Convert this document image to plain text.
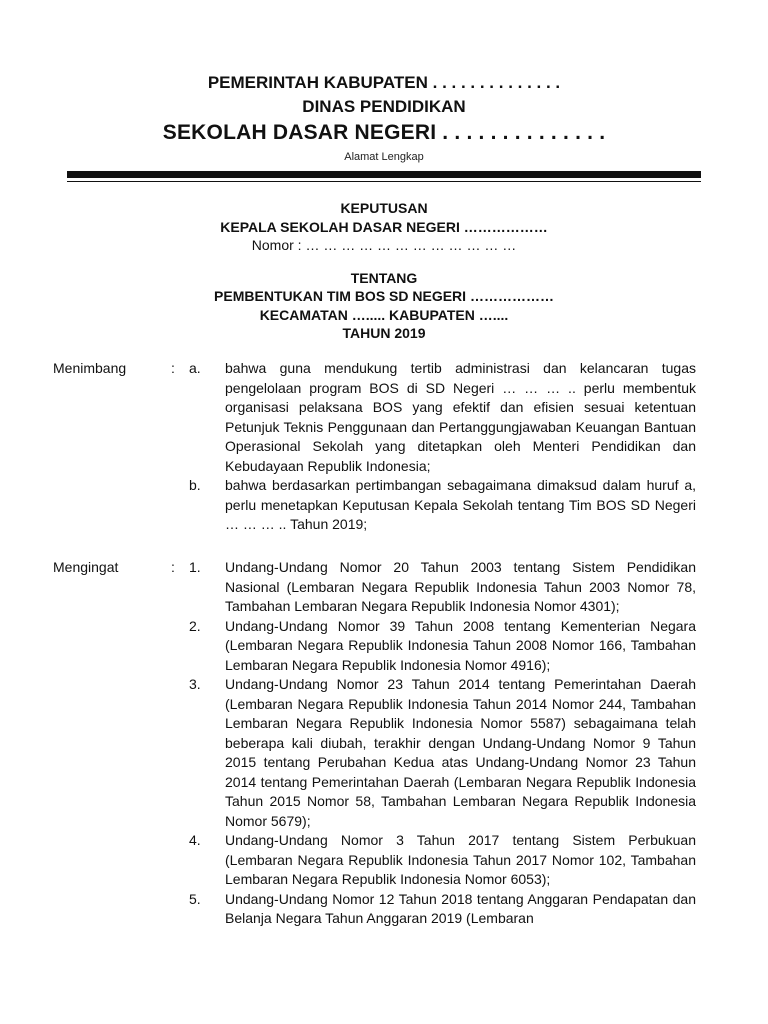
PEMERINTAH KABUPATEN . . . . . . . . . . . . . .
DINAS PENDIDIKAN
SEKOLAH DASAR NEGERI . . . . . . . . . . . . . .
Alamat Lengkap
KEPUTUSAN
KEPALA SEKOLAH DASAR NEGERI ………………
Nomor : … … … … … … … … … … … …
TENTANG
PEMBENTUKAN TIM BOS SD NEGERI ………………
KECAMATAN …..... KABUPATEN …....
TAHUN 2019
Menimbang	: a. bahwa guna mendukung tertib administrasi dan kelancaran tugas pengelolaan program BOS di SD Negeri … … … .. perlu membentuk organisasi pelaksana BOS yang efektif dan efisien sesuai ketentuan Petunjuk Teknis Penggunaan dan Pertanggungjawaban Keuangan Bantuan Operasional Sekolah yang ditetapkan oleh Menteri Pendidikan dan Kebudayaan Republik Indonesia;
b. bahwa berdasarkan pertimbangan sebagaimana dimaksud dalam huruf a, perlu menetapkan Keputusan Kepala Sekolah tentang Tim BOS SD Negeri … … … .. Tahun 2019;
Mengingat	: 1. Undang-Undang Nomor 20 Tahun 2003 tentang Sistem Pendidikan Nasional (Lembaran Negara Republik Indonesia Tahun 2003 Nomor 78, Tambahan Lembaran Negara Republik Indonesia Nomor 4301);
2. Undang-Undang Nomor 39 Tahun 2008 tentang Kementerian Negara (Lembaran Negara Republik Indonesia Tahun 2008 Nomor 166, Tambahan Lembaran Negara Republik Indonesia Nomor 4916);
3. Undang-Undang Nomor 23 Tahun 2014 tentang Pemerintahan Daerah (Lembaran Negara Republik Indonesia Tahun 2014 Nomor 244, Tambahan Lembaran Negara Republik Indonesia Nomor 5587) sebagaimana telah beberapa kali diubah, terakhir dengan Undang-Undang Nomor 9 Tahun 2015 tentang Perubahan Kedua atas Undang-Undang Nomor 23 Tahun 2014 tentang Pemerintahan Daerah (Lembaran Negara Republik Indonesia Tahun 2015 Nomor 58, Tambahan Lembaran Negara Republik Indonesia Nomor 5679);
4. Undang-Undang Nomor 3 Tahun 2017 tentang Sistem Perbukuan (Lembaran Negara Republik Indonesia Tahun 2017 Nomor 102, Tambahan Lembaran Negara Republik Indonesia Nomor 6053);
5. Undang-Undang Nomor 12 Tahun 2018 tentang Anggaran Pendapatan dan Belanja Negara Tahun Anggaran 2019 (Lembaran
